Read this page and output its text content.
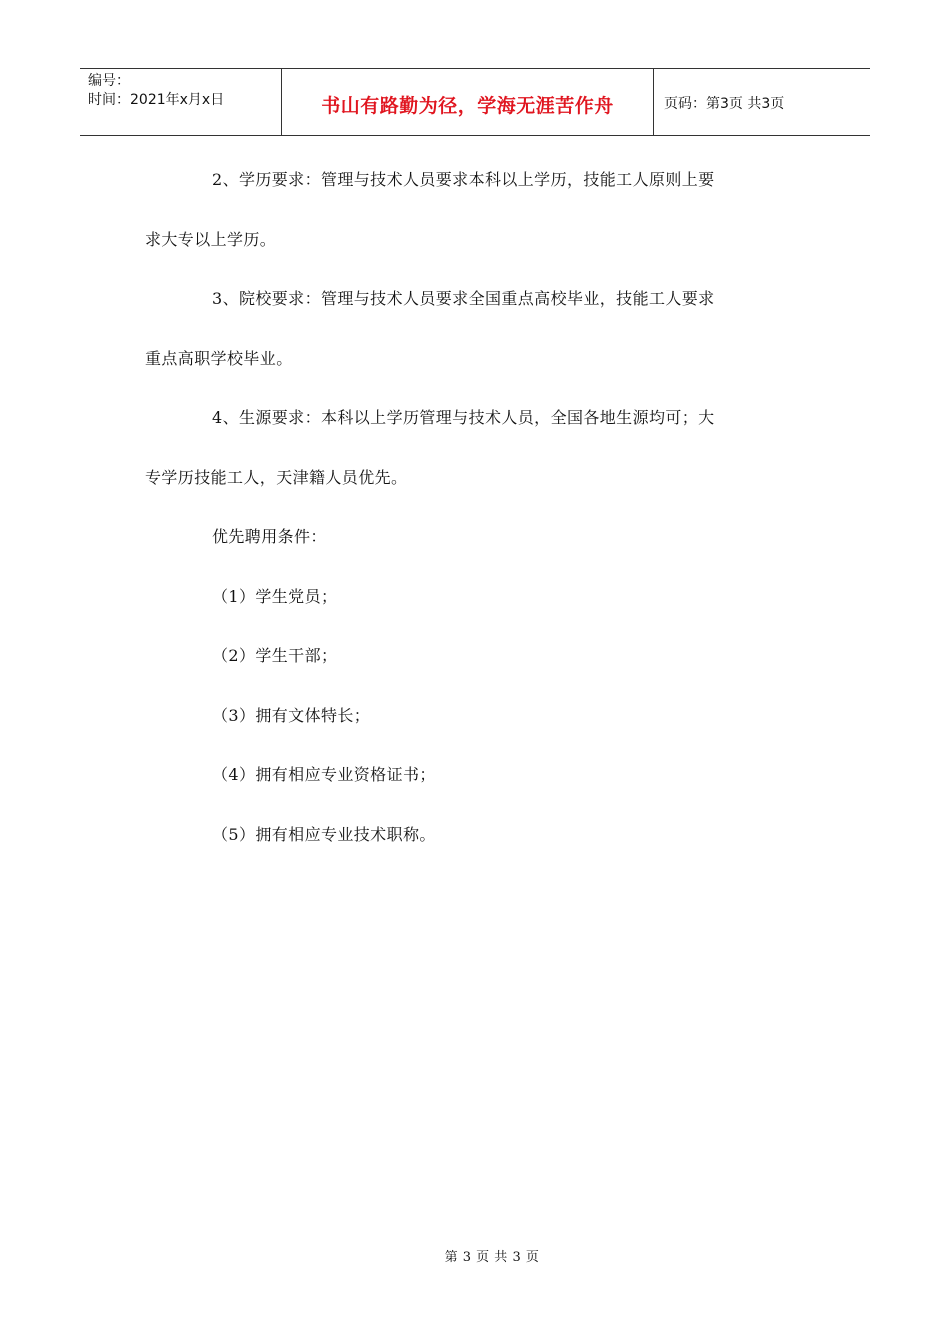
编号：
时间：2021年x月x日	书山有路勤为径，学海无涯苦作舟	页码：第3页 共3页

2、学历要求：管理与技术人员要求本科以上学历，技能工人原则上要

求大专以上学历。

3、院校要求：管理与技术人员要求全国重点高校毕业，技能工人要求

重点高职学校毕业。

4、生源要求：本科以上学历管理与技术人员，全国各地生源均可；大

专学历技能工人，天津籍人员优先。

优先聘用条件：

（1）学生党员；

（2）学生干部；

（3）拥有文体特长；

（4）拥有相应专业资格证书；

（5）拥有相应专业技术职称。

第 3 页 共 3 页
